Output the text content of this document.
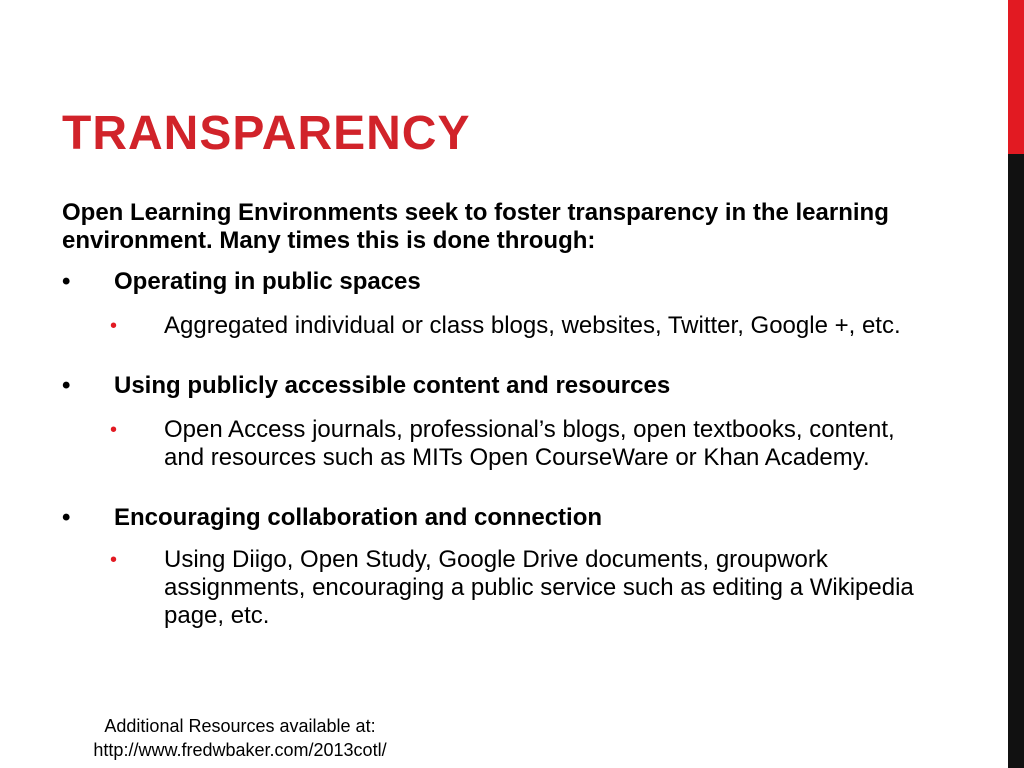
TRANSPARENCY

Open Learning Environments seek to foster transparency in the learning environment. Many times this is done through:

• Operating in public spaces
• Aggregated individual or class blogs, websites, Twitter, Google +, etc.
• Using publicly accessible content and resources
• Open Access journals, professional’s blogs, open textbooks, content, and resources such as MITs Open CourseWare or Khan Academy.
• Encouraging collaboration and connection
• Using Diigo, Open Study, Google Drive documents, groupwork assignments, encouraging a public service such as editing a Wikipedia page, etc.
Additional Resources available at:
http://www.fredwbaker.com/2013cotl/
